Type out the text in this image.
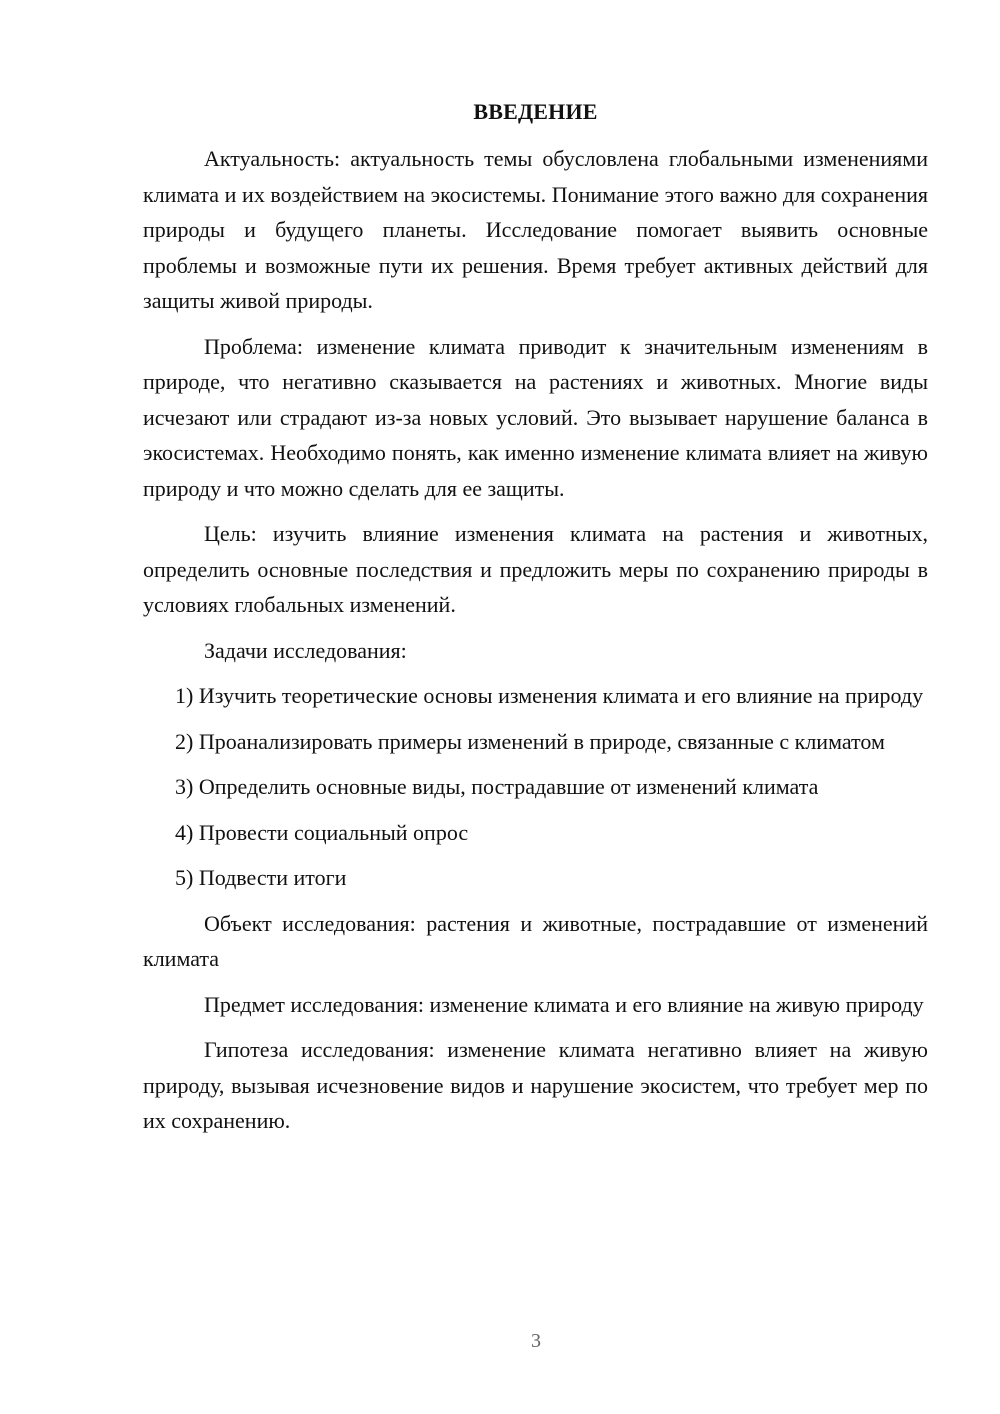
ВВЕДЕНИЕ

Актуальность: актуальность темы обусловлена глобальными изменениями климата и их воздействием на экосистемы. Понимание этого важно для сохранения природы и будущего планеты. Исследование помогает выявить основные проблемы и возможные пути их решения. Время требует активных действий для защиты живой природы.

Проблема: изменение климата приводит к значительным изменениям в природе, что негативно сказывается на растениях и животных. Многие виды исчезают или страдают из-за новых условий. Это вызывает нарушение баланса в экосистемах. Необходимо понять, как именно изменение климата влияет на живую природу и что можно сделать для ее защиты.

Цель: изучить влияние изменения климата на растения и животных, определить основные последствия и предложить меры по сохранению природы в условиях глобальных изменений.

Задачи исследования:

1) Изучить теоретические основы изменения климата и его влияние на природу
2) Проанализировать примеры изменений в природе, связанные с климатом
3) Определить основные виды, пострадавшие от изменений климата
4) Провести социальный опрос
5) Подвести итоги

Объект исследования: растения и животные, пострадавшие от изменений климата

Предмет исследования: изменение климата и его влияние на живую природу

Гипотеза исследования: изменение климата негативно влияет на живую природу, вызывая исчезновение видов и нарушение экосистем, что требует мер по их сохранению.

3
